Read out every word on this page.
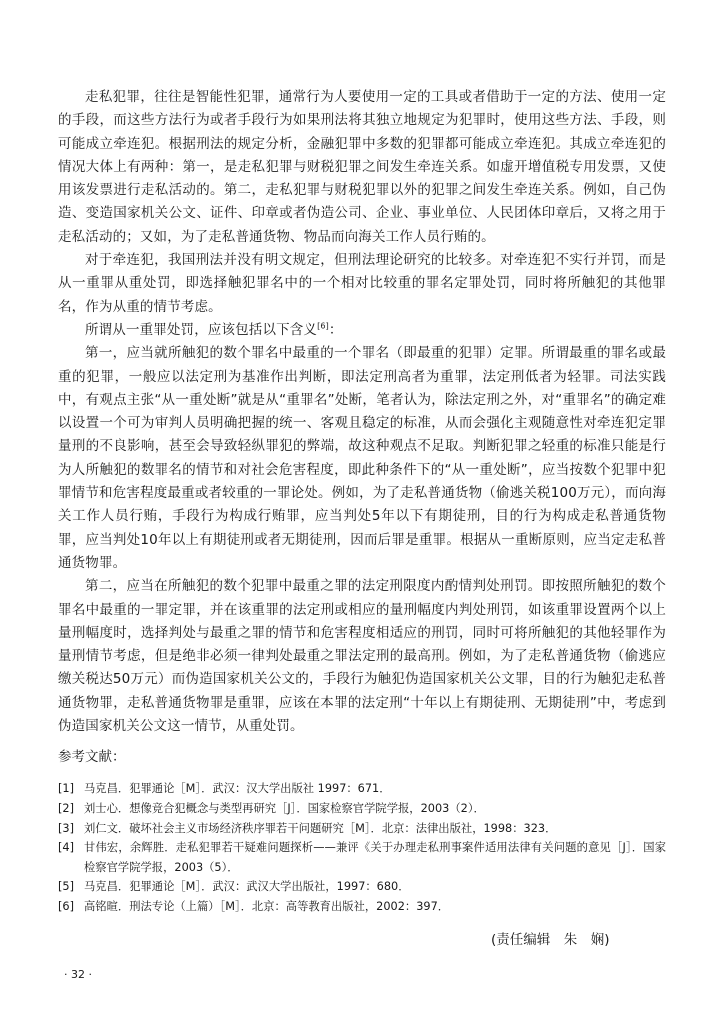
走私犯罪，往往是智能性犯罪，通常行为人要使用一定的工具或者借助于一定的方法、使用一定的手段，而这些方法行为或者手段行为如果刑法将其独立地规定为犯罪时，使用这些方法、手段，则可能成立牵连犯。根据刑法的规定分析，金融犯罪中多数的犯罪都可能成立牵连犯。其成立牵连犯的情况大体上有两种：第一，是走私犯罪与财税犯罪之间发生牵连关系。如虚开增值税专用发票，又使用该发票进行走私活动的。第二，走私犯罪与财税犯罪以外的犯罪之间发生牵连关系。例如，自己伪造、变造国家机关公文、证件、印章或者伪造公司、企业、事业单位、人民团体印章后，又将之用于走私活动的；又如，为了走私普通货物、物品而向海关工作人员行贿的。

对于牵连犯，我国刑法并没有明文规定，但刑法理论研究的比较多。对牵连犯不实行并罚，而是从一重罪从重处罚，即选择触犯罪名中的一个相对比较重的罪名定罪处罚，同时将所触犯的其他罪名，作为从重的情节考虑。

所谓从一重罪处罚，应该包括以下含义[6]：

第一，应当就所触犯的数个罪名中最重的一个罪名（即最重的犯罪）定罪。所谓最重的罪名或最重的犯罪，一般应以法定刑为基准作出判断，即法定刑高者为重罪，法定刑低者为轻罪。司法实践中，有观点主张“从一重处断”就是从“重罪名”处断，笔者认为，除法定刑之外，对“重罪名”的确定难以设置一个可为审判人员明确把握的统一、客观且稳定的标准，从而会强化主观随意性对牵连犯定罪量刑的不良影响，甚至会导致轻纵罪犯的弊端，故这种观点不足取。判断犯罪之轻重的标准只能是行为人所触犯的数罪名的情节和对社会危害程度，即此种条件下的“从一重处断”，应当按数个犯罪中犯罪情节和危害程度最重或者较重的一罪论处。例如，为了走私普通货物（偷逃关税100万元），而向海关工作人员行贿，手段行为构成行贿罪，应当判处5年以下有期徒刑，目的行为构成走私普通货物罪，应当判处10年以上有期徒刑或者无期徒刑，因而后罪是重罪。根据从一重断原则，应当定走私普通货物罪。

第二，应当在所触犯的数个犯罪中最重之罪的法定刑限度内酌情判处刑罚。即按照所触犯的数个罪名中最重的一罪定罪，并在该重罪的法定刑或相应的量刑幅度内判处刑罚，如该重罪设置两个以上量刑幅度时，选择判处与最重之罪的情节和危害程度相适应的刑罚，同时可将所触犯的其他轻罪作为量刑情节考虑，但是绝非必须一律判处最重之罪法定刑的最高刑。例如，为了走私普通货物（偷逃应缴关税达50万元）而伪造国家机关公文的，手段行为触犯伪造国家机关公文罪，目的行为触犯走私普通货物罪，走私普通货物罪是重罪，应该在本罪的法定刑“十年以上有期徒刑、无期徒刑”中，考虑到伪造国家机关公文这一情节，从重处罚。

参考文献：
[1] 马克昌．犯罪通论［M］．武汉：汉大学出版社 1997：671．
[2] 刘士心．想像竞合犯概念与类型再研究［J］．国家检察官学院学报，2003（2）．
[3] 刘仁文．破坏社会主义市场经济秩序罪若干问题研究［M］．北京：法律出版社，1998：323．
[4] 甘伟宏，余辉胜．走私犯罪若干疑难问题探析——兼评《关于办理走私刑事案件适用法律有关问题的意见［J］．国家检察官学院学报，2003（5）．
[5] 马克昌．犯罪通论［M］．武汉：武汉大学出版社，1997：680．
[6] 高铭暄．刑法专论（上篇）［M］．北京：高等教育出版社，2002：397．
(责任编辑　朱　娴)
· 32 ·
